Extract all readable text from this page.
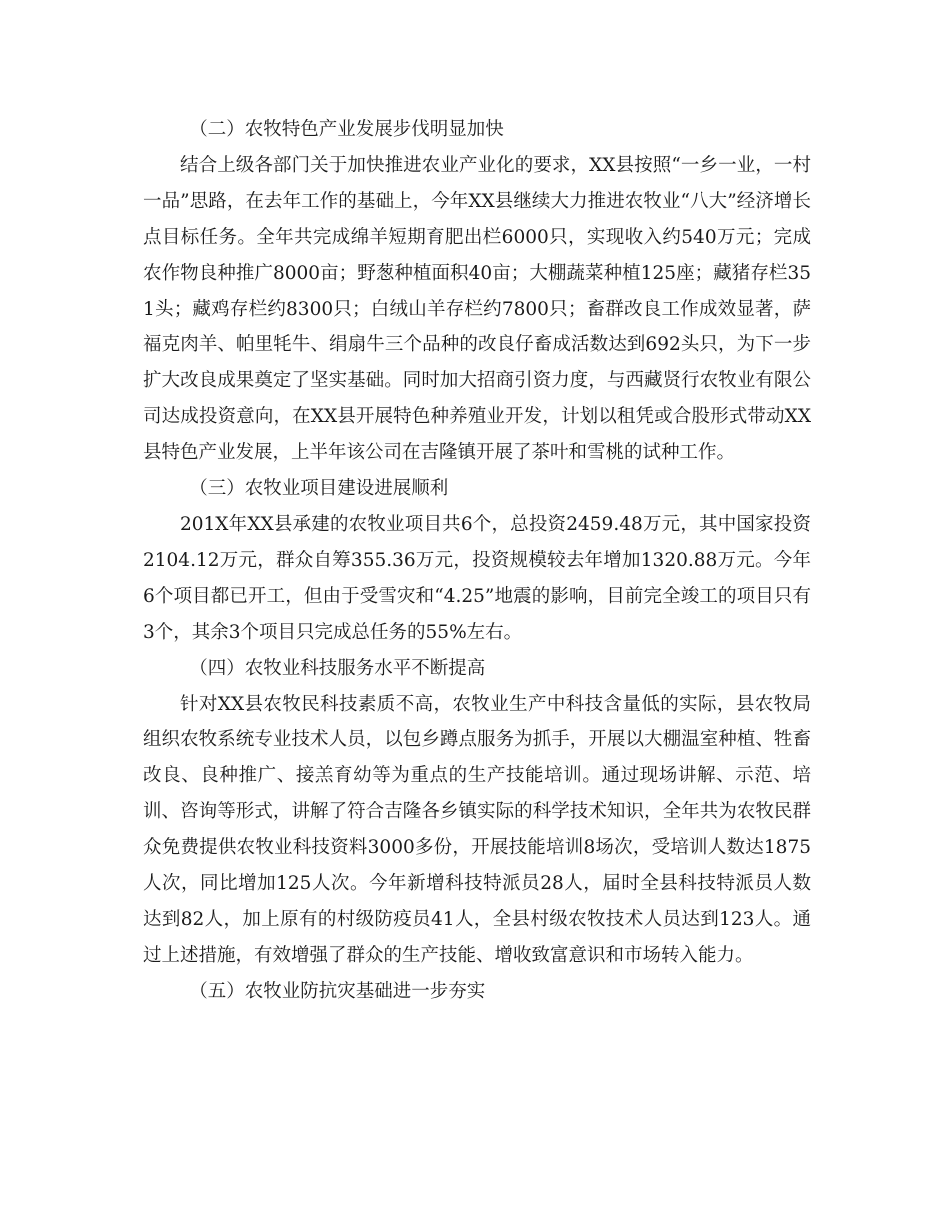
（二）农牧特色产业发展步伐明显加快

结合上级各部门关于加快推进农业产业化的要求，XX县按照“一乡一业，一村一品”思路，在去年工作的基础上，今年XX县继续大力推进农牧业“八大”经济增长点目标任务。全年共完成绵羊短期育肥出栏6000只，实现收入约540万元；完成农作物良种推广8000亩；野葱种植面积40亩；大棚蔬菜种植125座；藏猪存栏351头；藏鸡存栏约8300只；白绒山羊存栏约7800只；畜群改良工作成效显著，萨福克肉羊、帕里牦牛、绢扇牛三个品种的改良仔畜成活数达到692头只，为下一步扩大改良成果奠定了坚实基础。同时加大招商引资力度，与西藏贤行农牧业有限公司达成投资意向，在XX县开展特色种养殖业开发，计划以租凭或合股形式带动XX县特色产业发展，上半年该公司在吉隆镇开展了茶叶和雪桃的试种工作。

（三）农牧业项目建设进展顺利

201X年XX县承建的农牧业项目共6个，总投资2459.48万元，其中国家投资2104.12万元，群众自筹355.36万元，投资规模较去年增加1320.88万元。今年6个项目都已开工，但由于受雪灾和“4.25”地震的影响，目前完全竣工的项目只有3个，其余3个项目只完成总任务的55%左右。

（四）农牧业科技服务水平不断提高

针对XX县农牧民科技素质不高，农牧业生产中科技含量低的实际，县农牧局组织农牧系统专业技术人员，以包乡蹲点服务为抓手，开展以大棚温室种植、牲畜改良、良种推广、接羔育幼等为重点的生产技能培训。通过现场讲解、示范、培训、咨询等形式，讲解了符合吉隆各乡镇实际的科学技术知识，全年共为农牧民群众免费提供农牧业科技资料3000多份，开展技能培训8场次，受培训人数达1875人次，同比增加125人次。今年新增科技特派员28人，届时全县科技特派员人数达到82人，加上原有的村级防疫员41人，全县村级农牧技术人员达到123人。通过上述措施，有效增强了群众的生产技能、增收致富意识和市场转入能力。

（五）农牧业防抗灾基础进一步夯实
